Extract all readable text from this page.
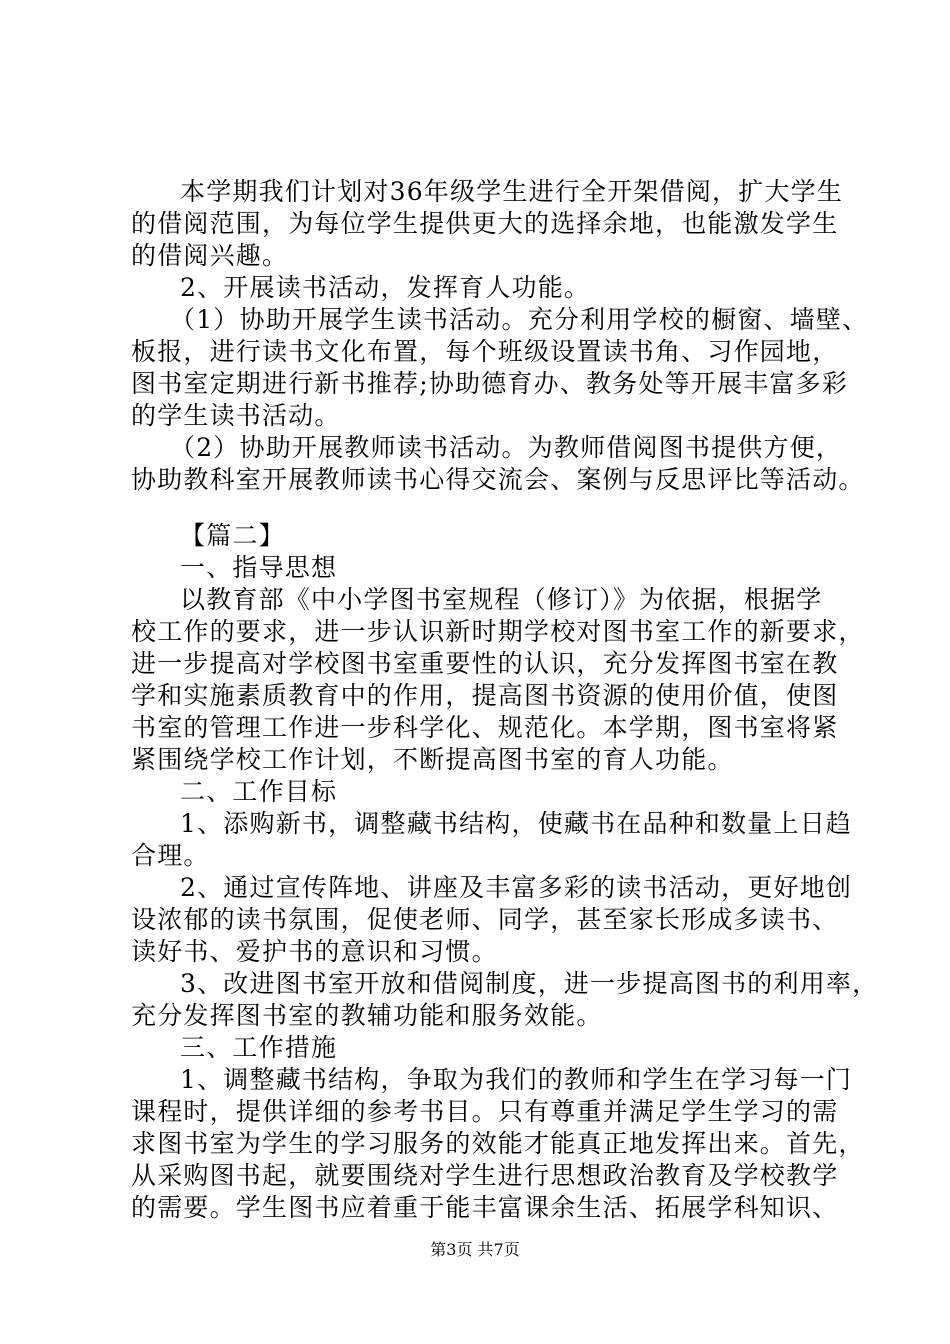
本学期我们计划对36年级学生进行全开架借阅，扩大学生
的借阅范围，为每位学生提供更大的选择余地，也能激发学生
的借阅兴趣。
2、开展读书活动，发挥育人功能。
（1）协助开展学生读书活动。充分利用学校的橱窗、墙壁、
板报，进行读书文化布置，每个班级设置读书角、习作园地，
图书室定期进行新书推荐;协助德育办、教务处等开展丰富多彩
的学生读书活动。
（2）协助开展教师读书活动。为教师借阅图书提供方便，
协助教科室开展教师读书心得交流会、案例与反思评比等活动。
【篇二】
一、指导思想
以教育部《中小学图书室规程（修订）》为依据，根据学
校工作的要求，进一步认识新时期学校对图书室工作的新要求，
进一步提高对学校图书室重要性的认识，充分发挥图书室在教
学和实施素质教育中的作用，提高图书资源的使用价值，使图
书室的管理工作进一步科学化、规范化。本学期，图书室将紧
紧围绕学校工作计划，不断提高图书室的育人功能。
二、工作目标
1、添购新书，调整藏书结构，使藏书在品种和数量上日趋
合理。
2、通过宣传阵地、讲座及丰富多彩的读书活动，更好地创
设浓郁的读书氛围，促使老师、同学，甚至家长形成多读书、
读好书、爱护书的意识和习惯。
3、改进图书室开放和借阅制度，进一步提高图书的利用率，
充分发挥图书室的教辅功能和服务效能。
三、工作措施
1、调整藏书结构，争取为我们的教师和学生在学习每一门
课程时，提供详细的参考书目。只有尊重并满足学生学习的需
求图书室为学生的学习服务的效能才能真正地发挥出来。首先，
从采购图书起，就要围绕对学生进行思想政治教育及学校教学
的需要。学生图书应着重于能丰富课余生活、拓展学科知识、
第3页 共7页
